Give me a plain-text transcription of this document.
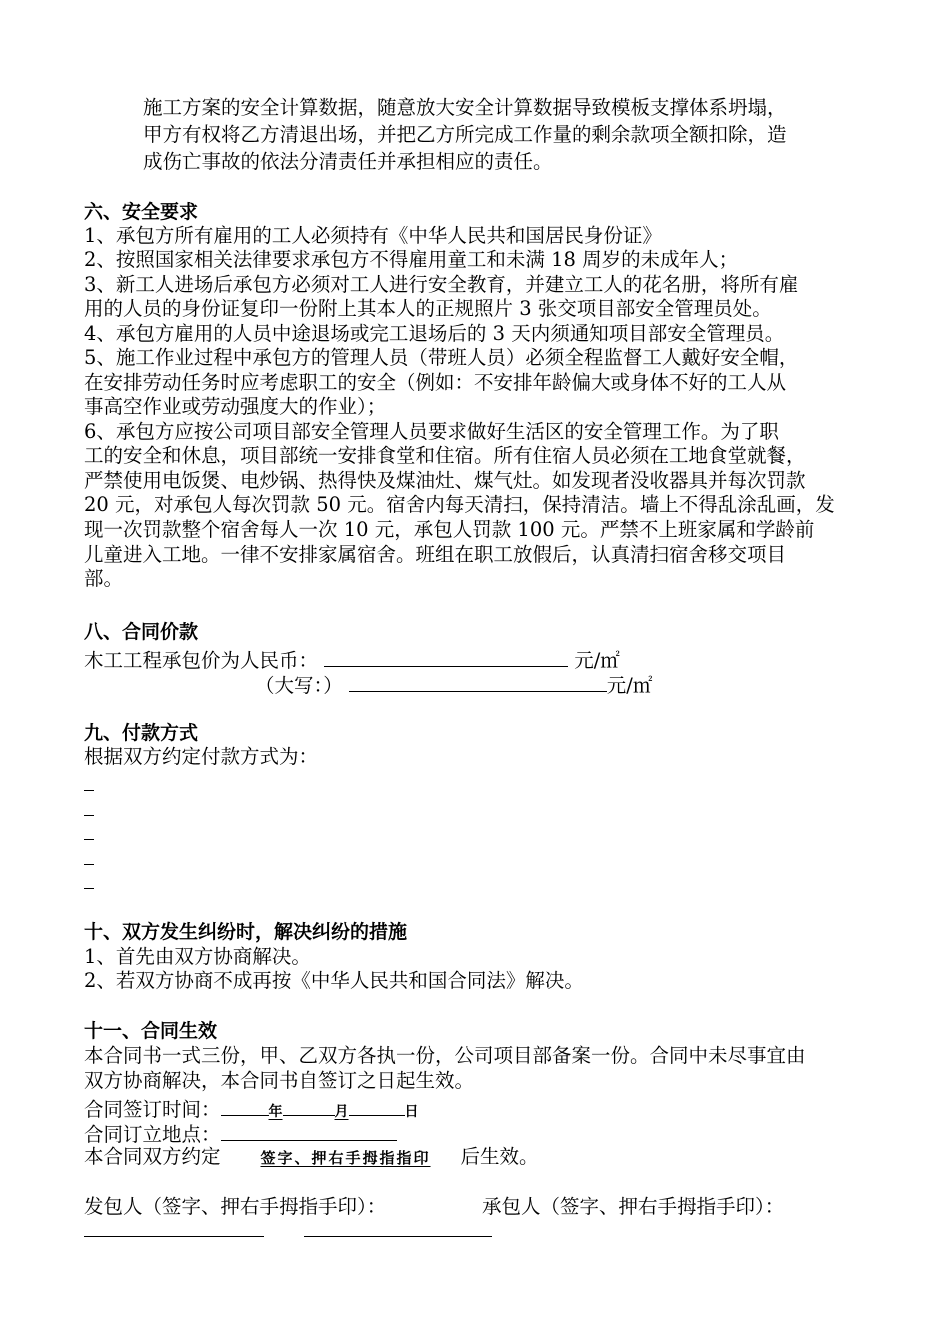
施工方案的安全计算数据，随意放大安全计算数据导致模板支撑体系坍塌，
甲方有权将乙方清退出场，并把乙方所完成工作量的剩余款项全额扣除，造
成伤亡事故的依法分清责任并承担相应的责任。
六、安全要求
1、承包方所有雇用的工人必须持有《中华人民共和国居民身份证》
2、按照国家相关法律要求承包方不得雇用童工和未满 18 周岁的未成年人；
3、新工人进场后承包方必须对工人进行安全教育，并建立工人的花名册，将所有雇
用的人员的身份证复印一份附上其本人的正规照片 3 张交项目部安全管理员处。
4、承包方雇用的人员中途退场或完工退场后的 3 天内须通知项目部安全管理员。
5、施工作业过程中承包方的管理人员（带班人员）必须全程监督工人戴好安全帽，
在安排劳动任务时应考虑职工的安全（例如：不安排年龄偏大或身体不好的工人从
事高空作业或劳动强度大的作业）；
6、承包方应按公司项目部安全管理人员要求做好生活区的安全管理工作。为了职
工的安全和休息，项目部统一安排食堂和住宿。所有住宿人员必须在工地食堂就餐，
严禁使用电饭煲、电炒锅、热得快及煤油灶、煤气灶。如发现者没收器具并每次罚款
20 元，对承包人每次罚款 50 元。宿舍内每天清扫，保持清洁。墙上不得乱涂乱画，发
现一次罚款整个宿舍每人一次 10 元，承包人罚款 100 元。严禁不上班家属和学龄前
儿童进入工地。一律不安排家属宿舍。班组在职工放假后，认真清扫宿舍移交项目
部。
八、合同价款
木工工程承包价为人民币：	元/㎡
（大写：）	元/㎡
九、付款方式
根据双方约定付款方式为：
十、双方发生纠纷时，解决纠纷的措施
1、首先由双方协商解决。
2、若双方协商不成再按《中华人民共和国合同法》解决。
十一、合同生效
本合同书一式三份，甲、乙双方各执一份，公司项目部备案一份。合同中未尽事宜由
双方协商解决，本合同书自签订之日起生效。
合同签订时间：	年	月	日
合同订立地点：
本合同双方约定	签字、押右手拇指指印 后生效。
发包人（签字、押右手拇指手印）：	承包人（签字、押右手拇指手印）：
